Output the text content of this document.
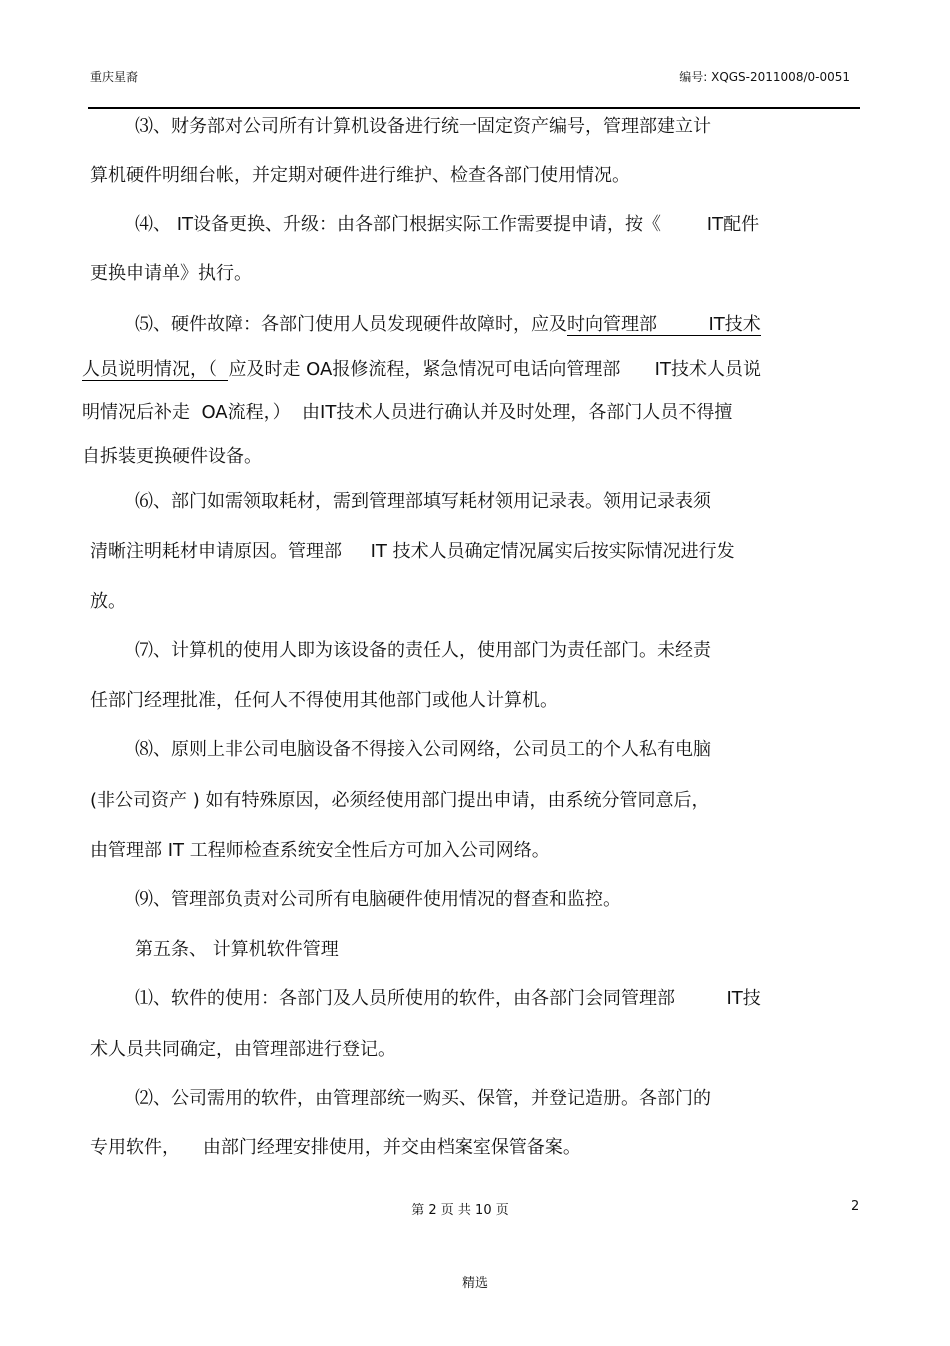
重庆星裔	编号: XQGS-2011008/0-0051
⑶、财务部对公司所有计算机设备进行统一固定资产编号，管理部建立计
算机硬件明细台帐，并定期对硬件进行维护、检查各部门使用情况。
⑷、 IT设备更换、升级：由各部门根据实际工作需要提申请，按《        IT配件
更换申请单》执行。
⑸、硬件故障：各部门使用人员发现硬件故障时，应及时向管理部         IT技术
人员说明情况，（  应及时走 OA报修流程，紧急情况可电话向管理部      IT技术人员说
明情况后补走  OA流程，）  由IT技术人员进行确认并及时处理，各部门人员不得擅
自拆装更换硬件设备。
⑹、部门如需领取耗材，需到管理部填写耗材领用记录表。领用记录表须
清晰注明耗材申请原因。管理部     IT 技术人员确定情况属实后按实际情况进行发
放。
⑺、计算机的使用人即为该设备的责任人，使用部门为责任部门。未经责
任部门经理批准，任何人不得使用其他部门或他人计算机。
⑻、原则上非公司电脑设备不得接入公司网络，公司员工的个人私有电脑
(非公司资产 ) 如有特殊原因，必须经使用部门提出申请，由系统分管同意后，
由管理部 IT 工程师检查系统安全性后方可加入公司网络。
⑼、管理部负责对公司所有电脑硬件使用情况的督查和监控。
第五条、 计算机软件管理
⑴、软件的使用：各部门及人员所使用的软件，由各部门会同管理部         IT技
术人员共同确定，由管理部进行登记。
⑵、公司需用的软件，由管理部统一购买、保管，并登记造册。各部门的
专用软件，    由部门经理安排使用，并交由档案室保管备案。
第 2 页 共 10 页	2
精选
